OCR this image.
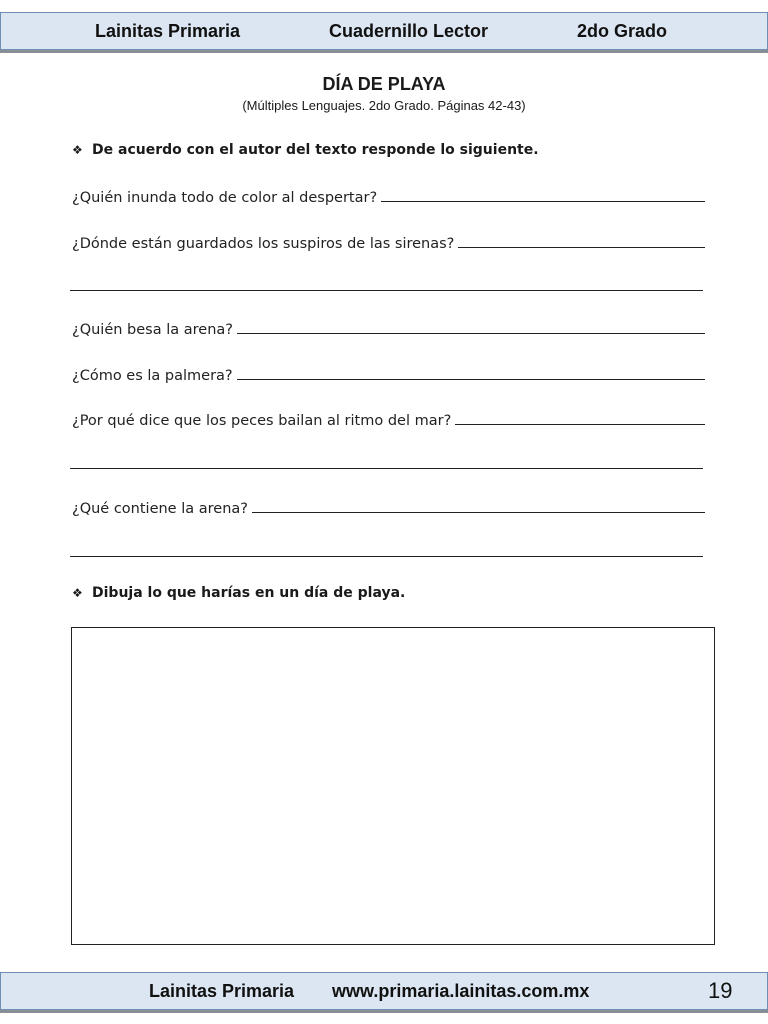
Lainitas Primaria	Cuadernillo Lector	2do Grado
DÍA DE PLAYA
(Múltiples Lenguajes. 2do Grado. Páginas 42-43)
❖ De acuerdo con el autor del texto responde lo siguiente.
¿Quién inunda todo de color al despertar?
¿Dónde están guardados los suspiros de las sirenas?
¿Quién besa la arena?
¿Cómo es la palmera?
¿Por qué dice que los peces bailan al ritmo del mar?
¿Qué contiene la arena?
❖ Dibuja lo que harías en un día de playa.
Lainitas Primaria www.primaria.lainitas.com.mx	19
